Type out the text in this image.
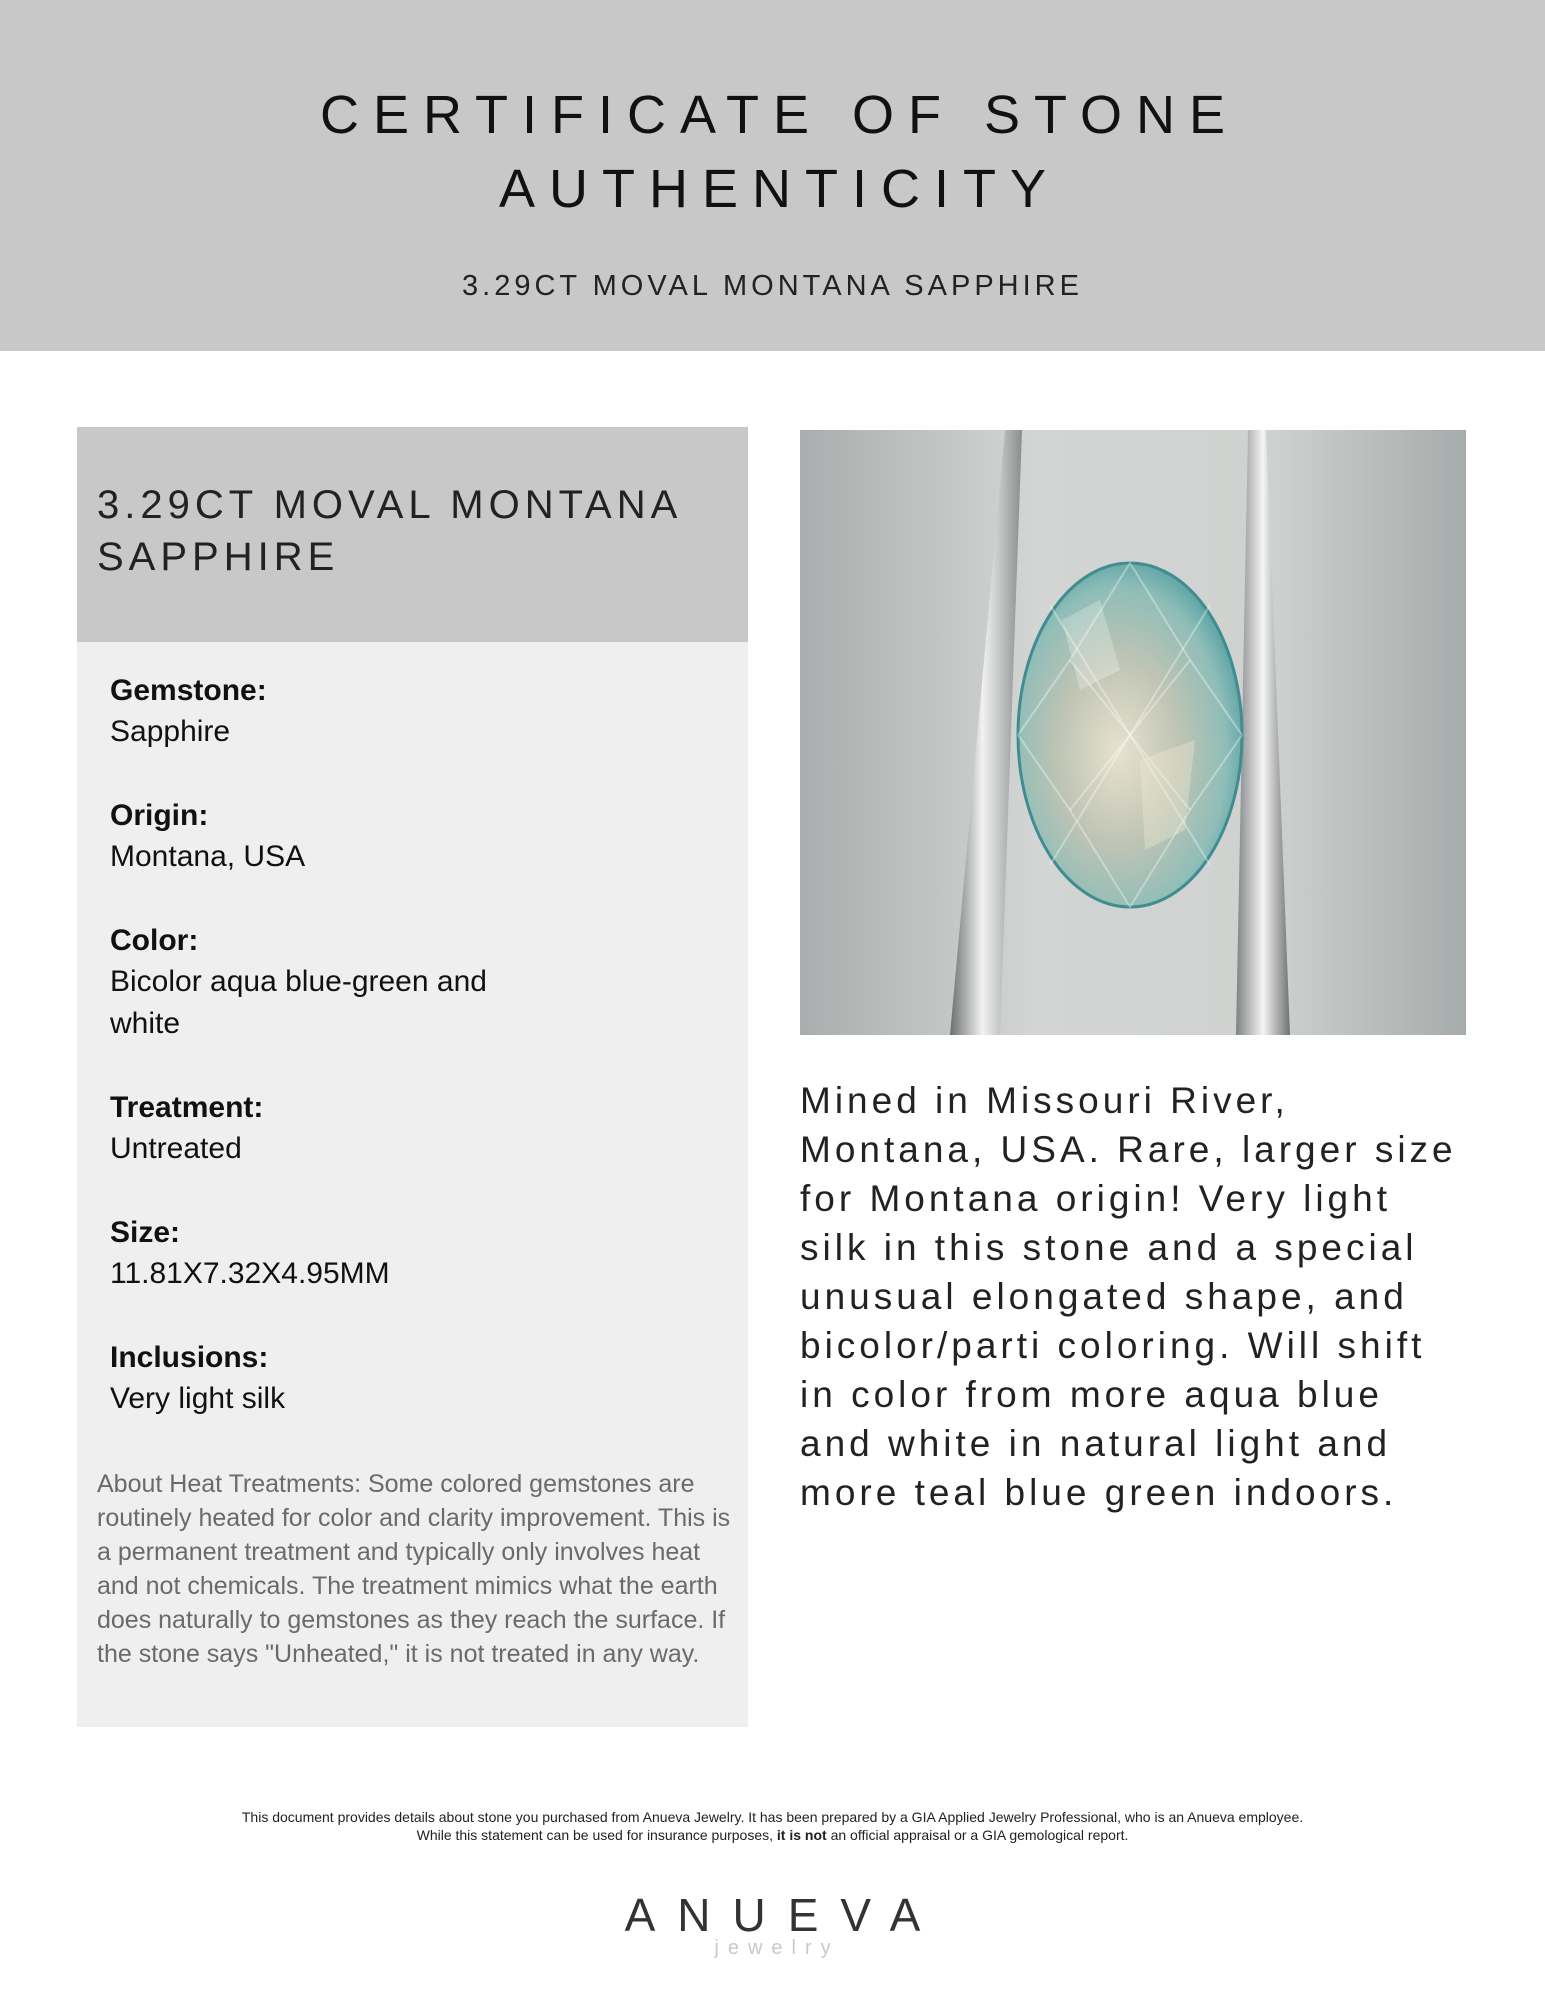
CERTIFICATE OF STONE
AUTHENTICITY
3.29CT MOVAL MONTANA SAPPHIRE
3.29CT MOVAL MONTANA
SAPPHIRE
Gemstone:
Sapphire
Origin:
Montana, USA
Color:
Bicolor aqua blue-green and
white
Treatment:
Untreated
Size:
11.81X7.32X4.95MM
Inclusions:
Very light silk
About Heat Treatments: Some colored gemstones are routinely heated for color and clarity improvement. This is a permanent treatment and typically only involves heat and not chemicals. The treatment mimics what the earth does naturally to gemstones as they reach the surface. If the stone says "Unheated," it is not treated in any way.
Mined in Missouri River, Montana, USA. Rare, larger size for Montana origin! Very light silk in this stone and a special unusual elongated shape, and bicolor/parti coloring. Will shift in color from more aqua blue and white in natural light and more teal blue green indoors.
This document provides details about stone you purchased from Anueva Jewelry. It has been prepared by a GIA Applied Jewelry Professional, who is an Anueva employee.
While this statement can be used for insurance purposes, it is not an official appraisal or a GIA gemological report.
ANUEVA
jewelry
